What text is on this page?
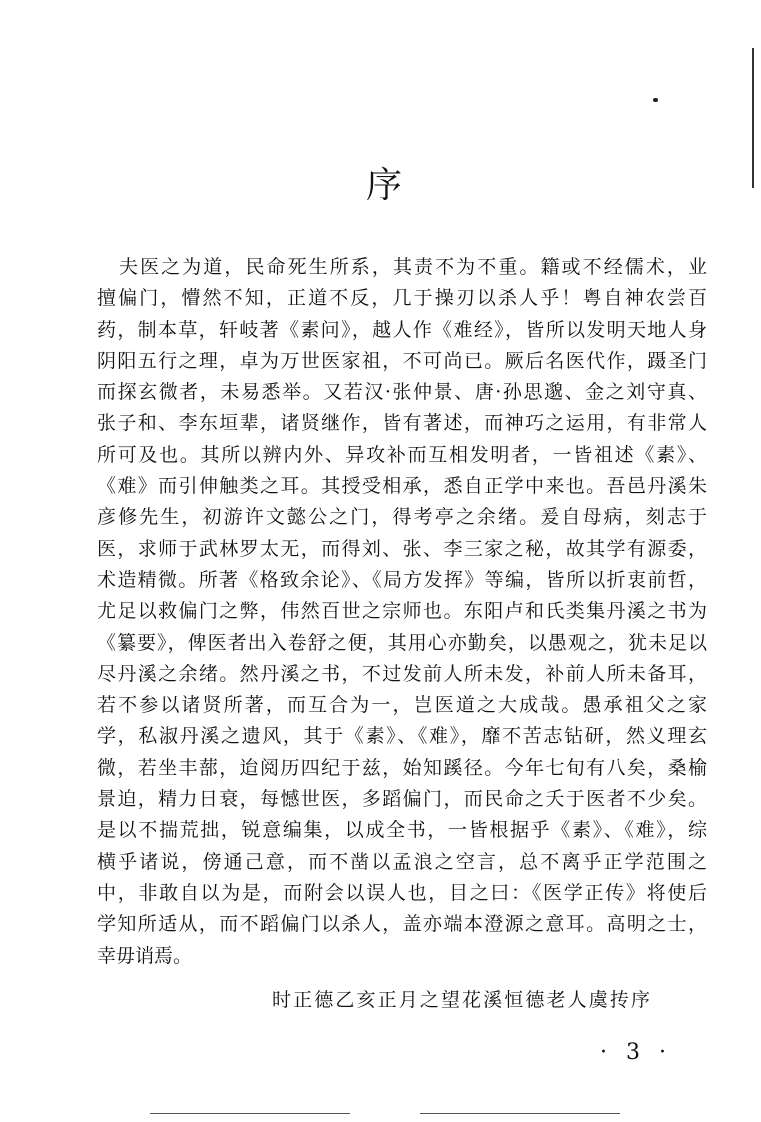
序
夫医之为道，民命死生所系，其责不为不重。籍或不经儒术，业
擅偏门，懵然不知，正道不反，几于操刃以杀人乎！粤自神农尝百
药，制本草，轩岐著《素问》，越人作《难经》，皆所以发明天地人身
阴阳五行之理，卓为万世医家祖，不可尚已。厥后名医代作，蹑圣门
而探玄微者，未易悉举。又若汉·张仲景、唐·孙思邈、金之刘守真、
张子和、李东垣辈，诸贤继作，皆有著述，而神巧之运用，有非常人
所可及也。其所以辨内外、异攻补而互相发明者，一皆祖述《素》、
《难》而引伸触类之耳。其授受相承，悉自正学中来也。吾邑丹溪朱
彦修先生，初游许文懿公之门，得考亭之余绪。爰自母病，刻志于
医，求师于武林罗太无，而得刘、张、李三家之秘，故其学有源委，
术造精微。所著《格致余论》、《局方发挥》等编，皆所以折衷前哲，
尤足以救偏门之弊，伟然百世之宗师也。东阳卢和氏类集丹溪之书为
《纂要》，俾医者出入卷舒之便，其用心亦勤矣，以愚观之，犹未足以
尽丹溪之余绪。然丹溪之书，不过发前人所未发，补前人所未备耳，
若不参以诸贤所著，而互合为一，岂医道之大成哉。愚承祖父之家
学，私淑丹溪之遗风，其于《素》、《难》，靡不苦志钻研，然义理玄
微，若坐丰蔀，迨阅历四纪于兹，始知蹊径。今年七旬有八矣，桑榆
景迫，精力日衰，每憾世医，多蹈偏门，而民命之夭于医者不少矣。
是以不揣荒拙，锐意编集，以成全书，一皆根据乎《素》、《难》，综
横乎诸说，傍通己意，而不凿以孟浪之空言，总不离乎正学范围之
中，非敢自以为是，而附会以误人也，目之曰：《医学正传》将使后
学知所适从，而不蹈偏门以杀人，盖亦端本澄源之意耳。高明之士，
幸毋诮焉。
时正德乙亥正月之望花溪恒德老人虞抟序
· 3 ·
